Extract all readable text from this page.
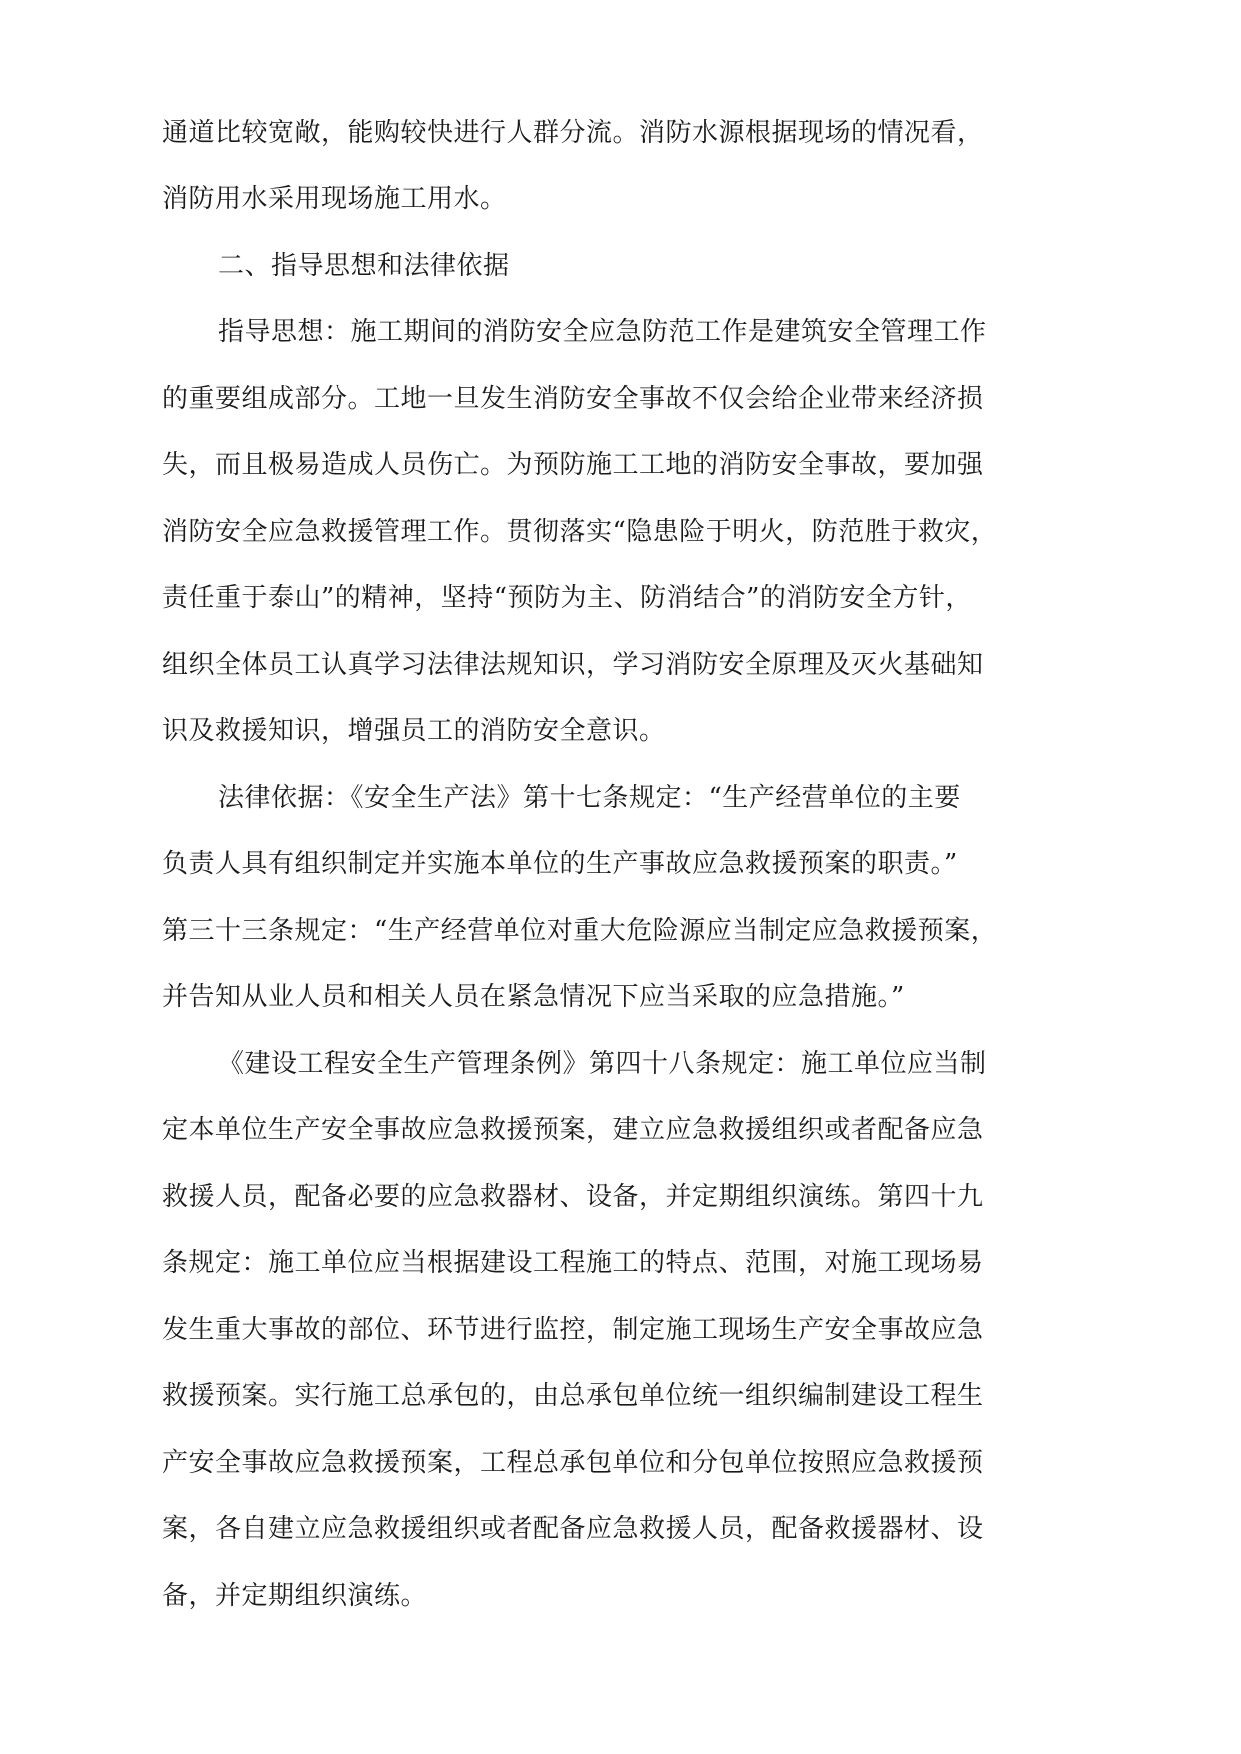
通道比较宽敞，能购较快进行人群分流。消防水源根据现场的情况看，
消防用水采用现场施工用水。
二、指导思想和法律依据
指导思想：施工期间的消防安全应急防范工作是建筑安全管理工作
的重要组成部分。工地一旦发生消防安全事故不仅会给企业带来经济损
失，而且极易造成人员伤亡。为预防施工工地的消防安全事故，要加强
消防安全应急救援管理工作。贯彻落实“隐患险于明火，防范胜于救灾，
责任重于泰山”的精神，坚持“预防为主、防消结合”的消防安全方针，
组织全体员工认真学习法律法规知识，学习消防安全原理及灭火基础知
识及救援知识，增强员工的消防安全意识。
法律依据：《安全生产法》第十七条规定：“生产经营单位的主要
负责人具有组织制定并实施本单位的生产事故应急救援预案的职责。”
第三十三条规定：“生产经营单位对重大危险源应当制定应急救援预案，
并告知从业人员和相关人员在紧急情况下应当采取的应急措施。”
《建设工程安全生产管理条例》第四十八条规定：施工单位应当制
定本单位生产安全事故应急救援预案，建立应急救援组织或者配备应急
救援人员，配备必要的应急救器材、设备，并定期组织演练。第四十九
条规定：施工单位应当根据建设工程施工的特点、范围，对施工现场易
发生重大事故的部位、环节进行监控，制定施工现场生产安全事故应急
救援预案。实行施工总承包的，由总承包单位统一组织编制建设工程生
产安全事故应急救援预案，工程总承包单位和分包单位按照应急救援预
案，各自建立应急救援组织或者配备应急救援人员，配备救援器材、设
备，并定期组织演练。
